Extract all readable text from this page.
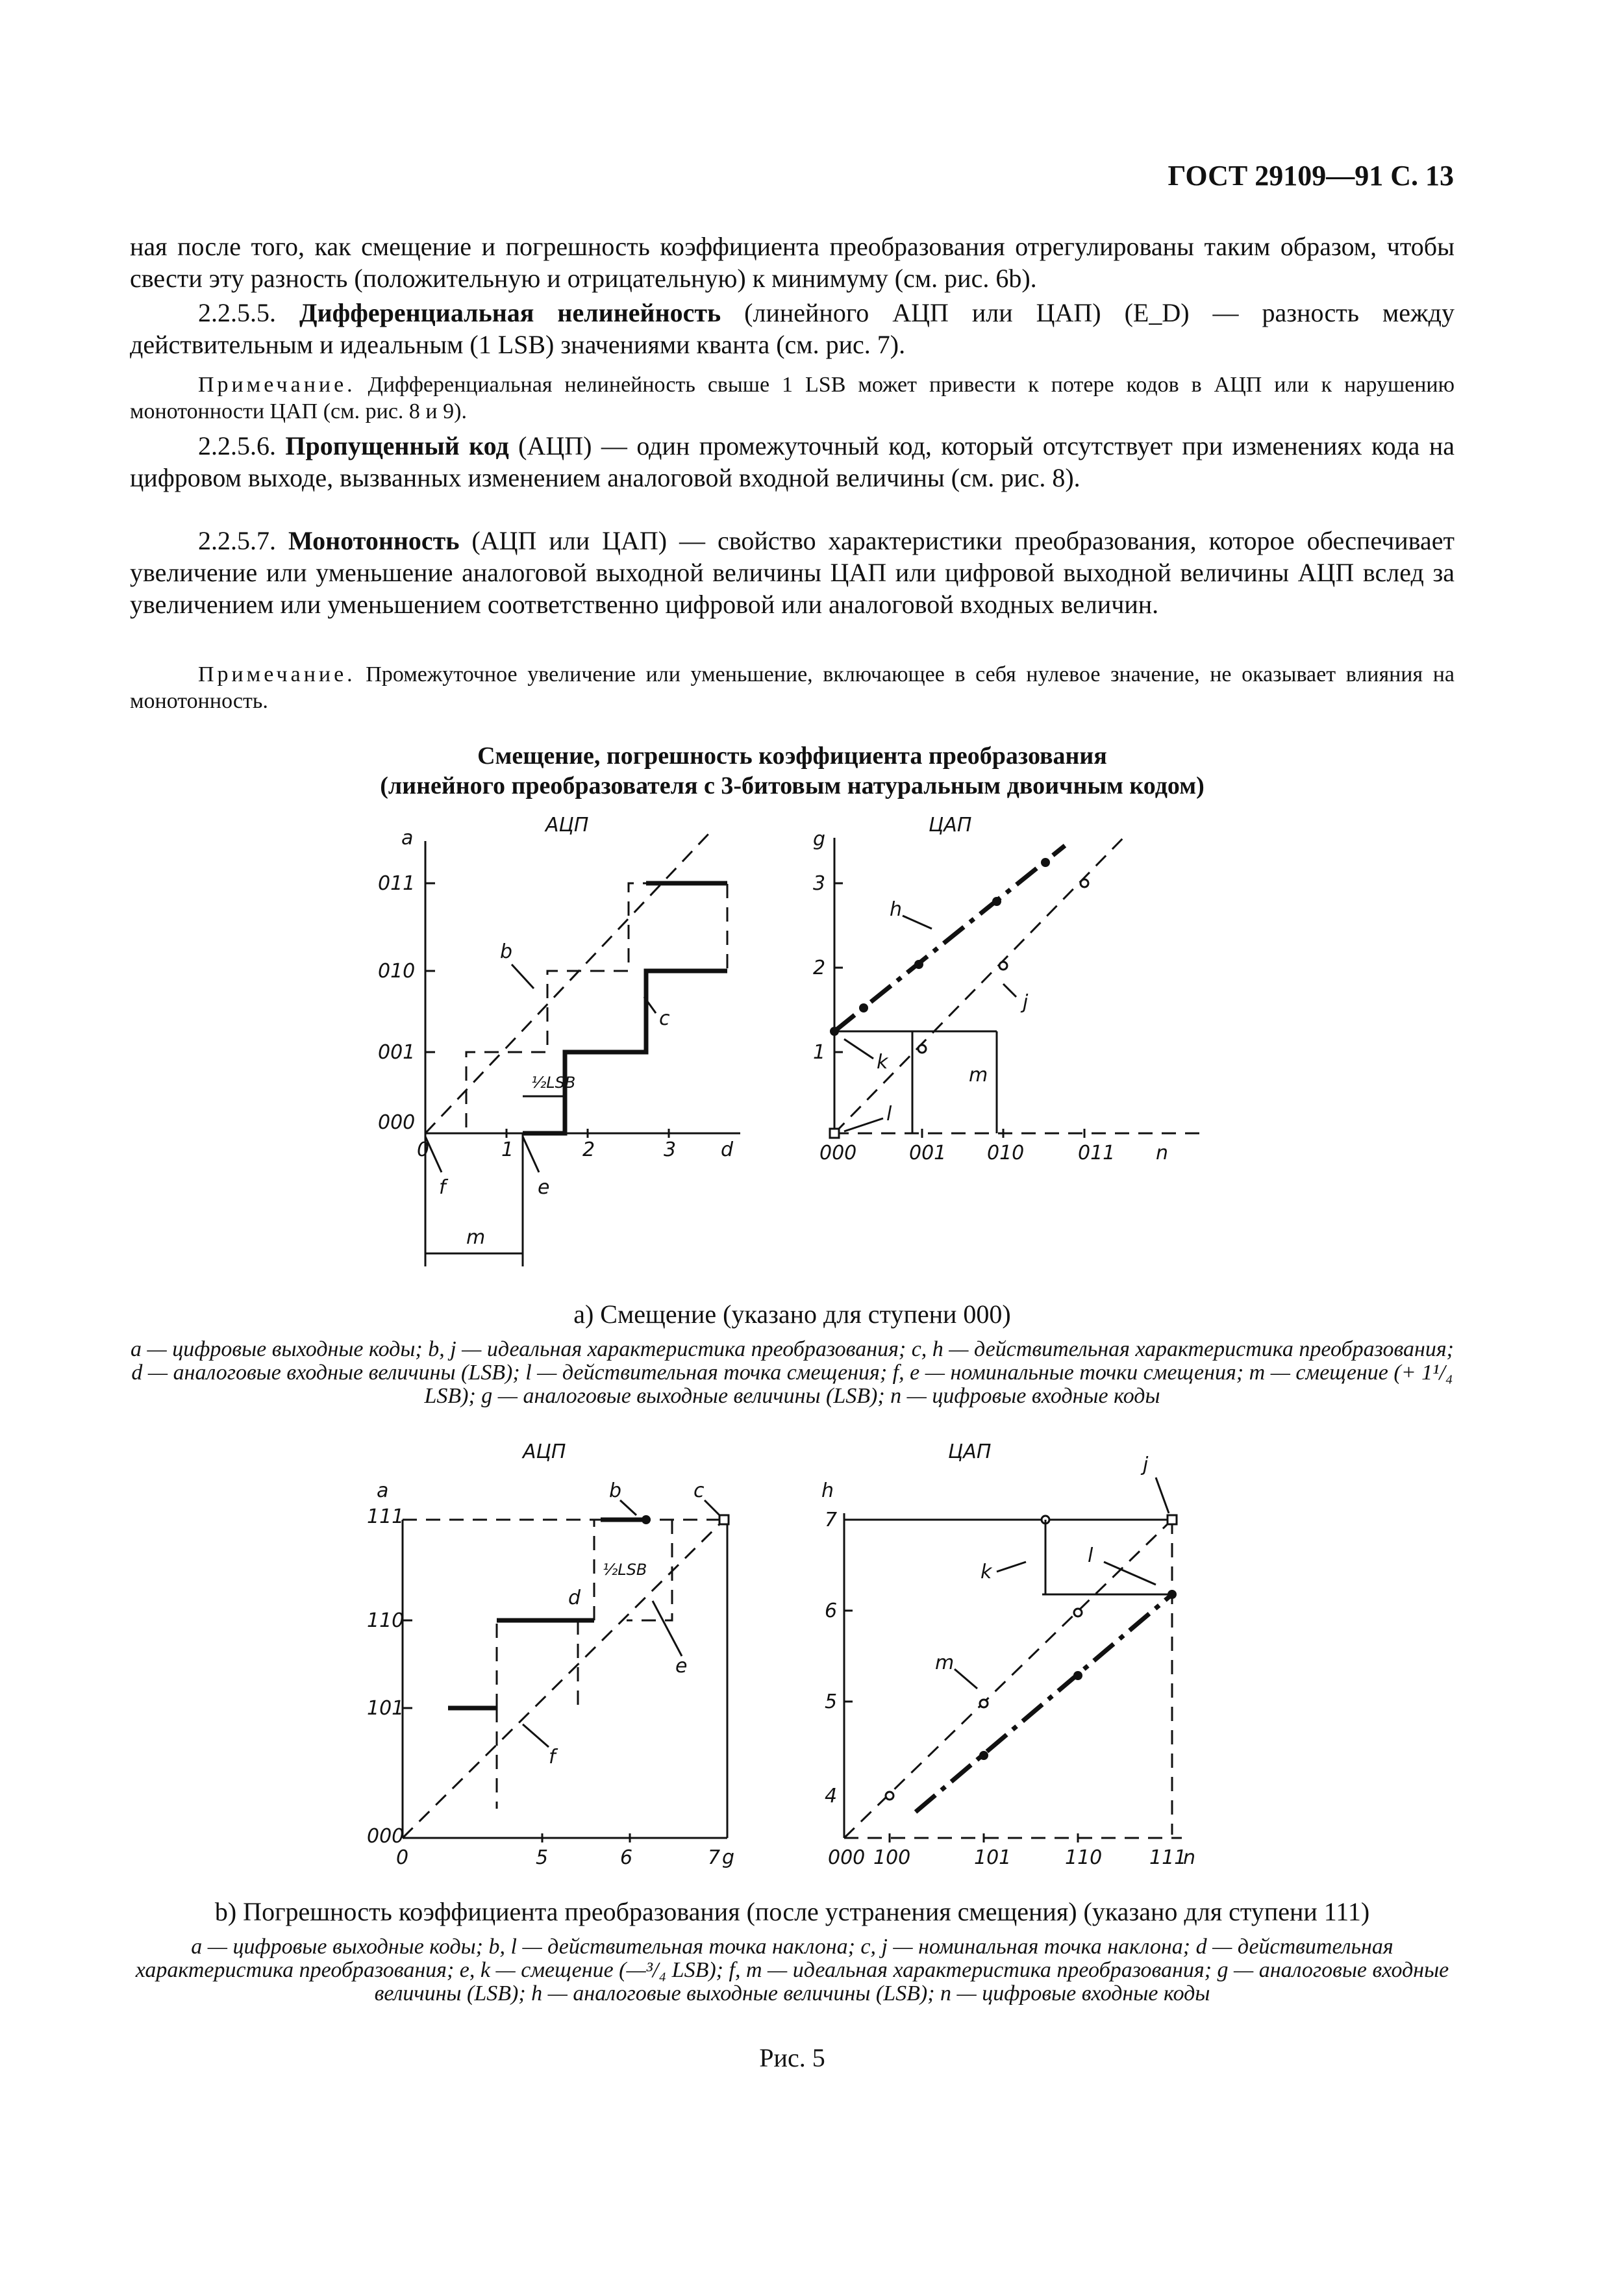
ГОСТ 29109—91 С. 13

ная после того, как смещение и погрешность коэффициента преобразования отрегулированы таким образом, чтобы свести эту разность (положительную и отрицательную) к минимуму (см. рис. 6b).

2.2.5.5. Дифференциальная нелинейность (линейного АЦП или ЦАП) (E_D) — разность между действительным и идеальным (1 LSB) значениями кванта (см. рис. 7).

Примечание. Дифференциальная нелинейность свыше 1 LSB может привести к потере кодов в АЦП или к нарушению монотонности ЦАП (см. рис. 8 и 9).

2.2.5.6. Пропущенный код (АЦП) — один промежуточный код, который отсутствует при изменениях кода на цифровом выходе, вызванных изменением аналоговой входной величины (см. рис. 8).

2.2.5.7. Монотонность (АЦП или ЦАП) — свойство характеристики преобразования, которое обеспечивает увеличение или уменьшение аналоговой выходной величины ЦАП или цифровой выходной величины АЦП вслед за увеличением или уменьшением соответственно цифровой или аналоговой входных величин.

Примечание. Промежуточное увеличение или уменьшение, включающее в себя нулевое значение, не оказывает влияния на монотонность.

Смещение, погрешность коэффициента преобразования
(линейного преобразователя с 3-битовым натуральным двоичным кодом)
АЦП
a
011
010
001
000
0	1	2	3 d
½LSB
b
c
f	e
m
ЦАП
g
3
2
1
000	001 010	011 n
h
j
k
l
m
a) Смещение (указано для ступени 000)
a — цифровые выходные коды; b, j — идеальная характеристика преобразования; c, h — действительная характеристика преобразования; d — аналоговые входные величины (LSB); l — действительная точка смещения; f, e — номинальные точки смещения; m — смещение (+ 1¹/₄ LSB); g — аналоговые выходные величины (LSB); n — цифровые входные коды
АЦП
a
111
110
101
000
0	5	6	7 g
½LSB
b	c
d
e
f
ЦАП
h
7
6
5
4
000 100	101	110 111
n
j
k
l
m
b) Погрешность коэффициента преобразования (после устранения смещения) (указано для ступени 111)
a — цифровые выходные коды; b, l — действительная точка наклона; c, j — номинальная точка наклона; d — действительная характеристика преобразования; e, k — смещение (—³/₄ LSB); f, m — идеальная характеристика преобразования; g — аналоговые входные величины (LSB); h — аналоговые выходные величины (LSB); n — цифровые входные коды
Рис. 5
